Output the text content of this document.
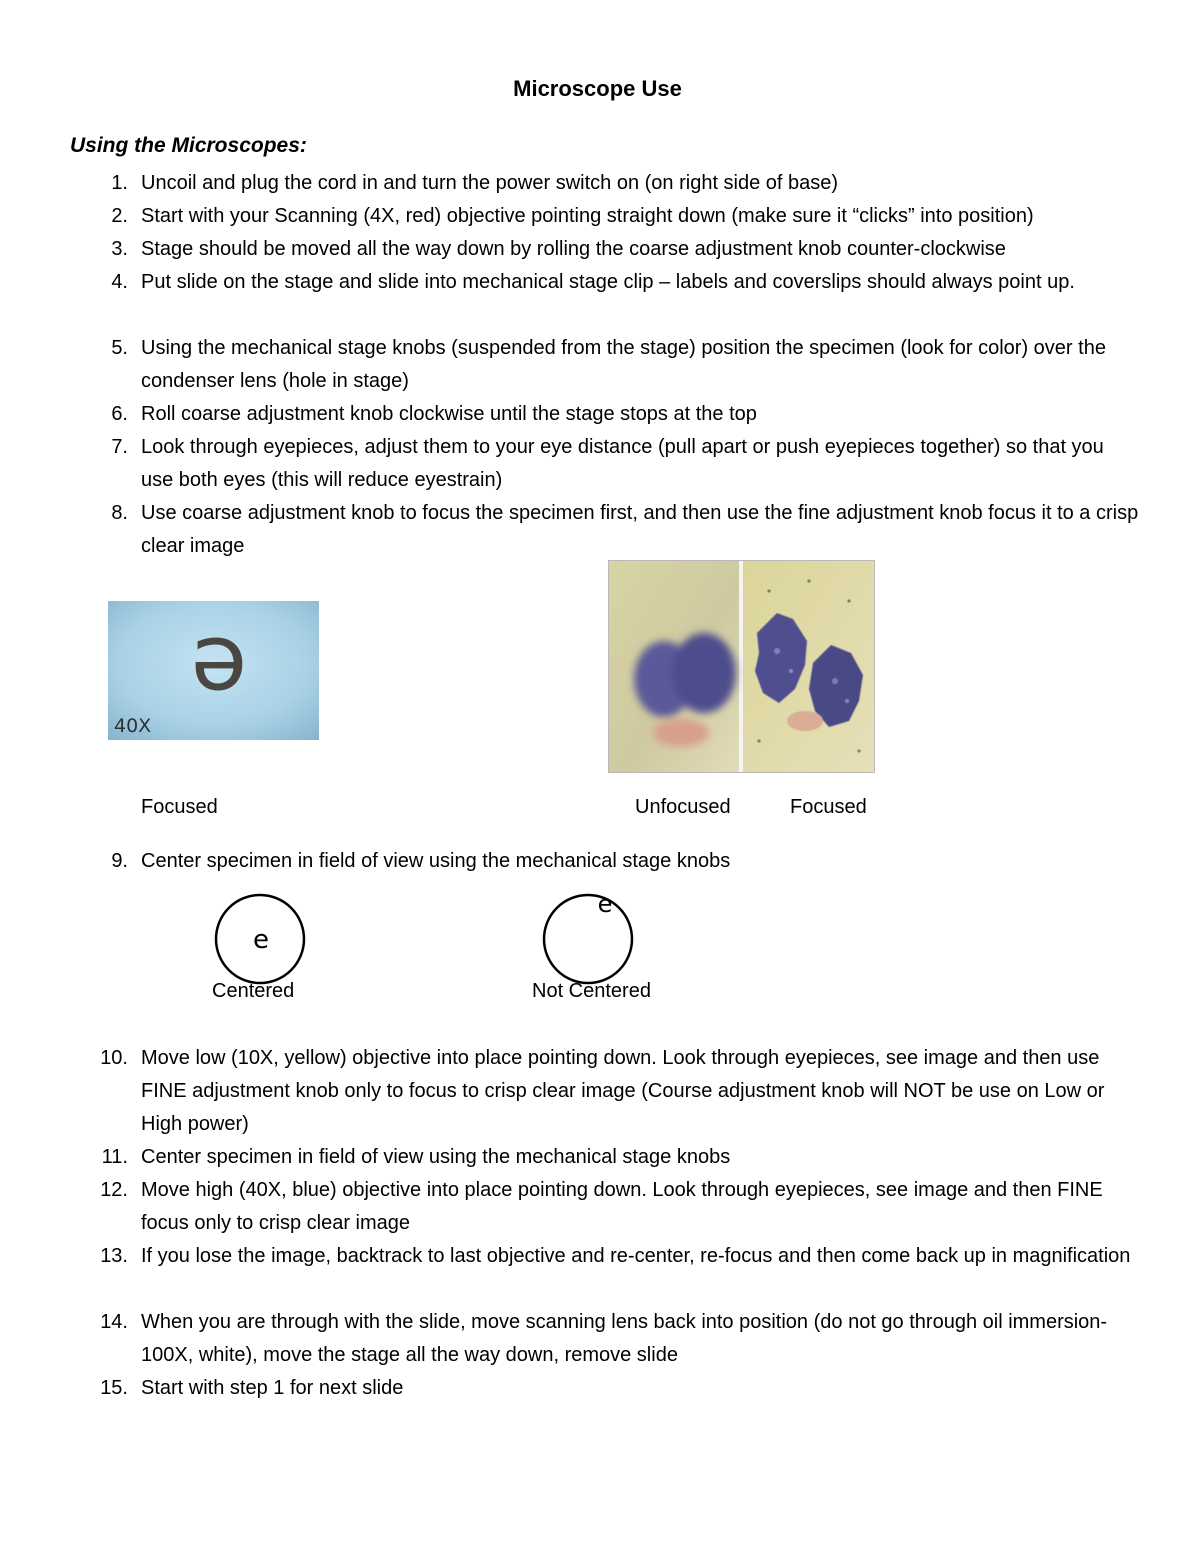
Microscope Use
Using the Microscopes:
1. Uncoil and plug the cord in and turn the power switch on (on right side of base)
2. Start with your Scanning (4X, red) objective pointing straight down (make sure it “clicks” into position)
3. Stage should be moved all the way down by rolling the coarse adjustment knob counter-clockwise
4. Put slide on the stage and slide into mechanical stage clip – labels and coverslips should always point up.
5. Using the mechanical stage knobs (suspended from the stage) position the specimen (look for color) over the condenser lens (hole in stage)
6. Roll coarse adjustment knob clockwise until the stage stops at the top
7. Look through eyepieces, adjust them to your eye distance (pull apart or push eyepieces together) so that you use both eyes (this will reduce eyestrain)
8. Use coarse adjustment knob to focus the specimen first, and then use the fine adjustment knob focus it to a crisp clear image
e
40X
Focused	Unfocused	Focused
9. Center specimen in field of view using the mechanical stage knobs
e
e
Centered	Not Centered
10. Move low (10X, yellow) objective into place pointing down. Look through eyepieces, see image and then use FINE adjustment knob only to focus to crisp clear image (Course adjustment knob will NOT be use on Low or High power)
11. Center specimen in field of view using the mechanical stage knobs
12. Move high (40X, blue) objective into place pointing down. Look through eyepieces, see image and then FINE focus only to crisp clear image
13. If you lose the image, backtrack to last objective and re-center, re-focus and then come back up in magnification
14. When you are through with the slide, move scanning lens back into position (do not go through oil immersion- 100X, white), move the stage all the way down, remove slide
15. Start with step 1 for next slide
